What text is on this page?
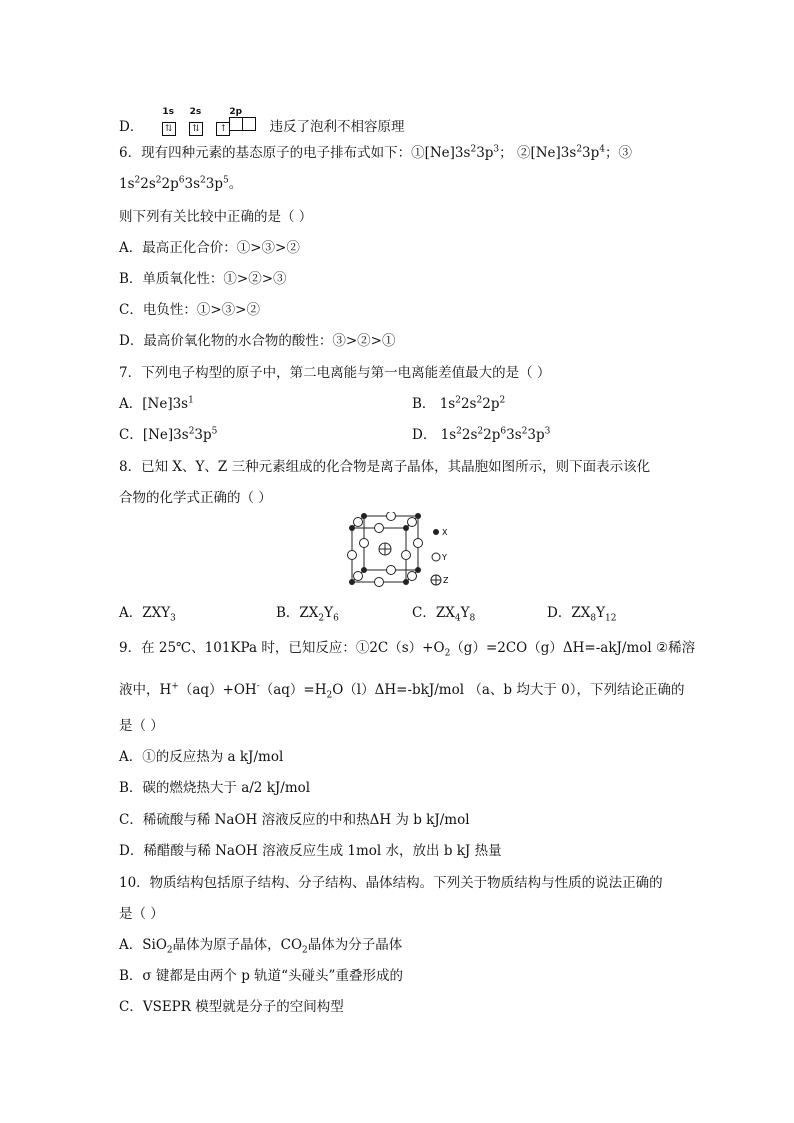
D．
1s
⇅
2s
⇅
2p
↑	违反了泡利不相容原理
6．现有四种元素的基态原子的电子排布式如下：$①[Ne]3s^23p^3$； $②[Ne]3s^23p^4$；③
$1s^22s^22p^63s^23p^5$。
则下列有关比较中正确的是（ ）
A．最高正化合价：①>③>②
B．单质氧化性：①>②>③
C．电负性：①>③>②
D．最高价氧化物的水合物的酸性：③>②>①
7．下列电子构型的原子中，第二电离能与第一电离能差值最大的是（ ）
A．$[Ne]3s^1$	B． $1s^22s^22p^2$
C．$[Ne]3s^23p^5$	D． $1s^22s^22p^63s^23p^3$
8．已知 X、Y、Z 三种元素组成的化合物是离子晶体，其晶胞如图所示，则下面表示该化
合物的化学式正确的（ ）
X
Y
Z
A．$ZXY_3$	B．$ZX_2Y_6$	C．$ZX_4Y_8$	D．$ZX_8Y_{12}$
9．在 25℃、101KPa 时，已知反应：$①2C(s)+O_2(g)=2CO(g)\Delta H=-akJ$/mol ②稀溶
液中，$H^+(aq)+OH^-(aq)=H_2O(l)\Delta H=-bkJ$/mol （a、b 均大于 0），下列结论正确的
是（ ）
A．①的反应热为 a kJ/mol
B．碳的燃烧热大于 a/2 kJ/mol
C．稀硫酸与稀 NaOH 溶液反应的中和热ΔH 为 b kJ/mol
D．稀醋酸与稀 NaOH 溶液反应生成 1mol 水，放出 b kJ 热量
10．物质结构包括原子结构、分子结构、晶体结构。下列关于物质结构与性质的说法正确的
是（ ）
A．SiO$_2$晶体为原子晶体，$CO_2$晶体为分子晶体
B．σ 键都是由两个 p 轨道“头碰头”重叠形成的
C．VSEPR 模型就是分子的空间构型
